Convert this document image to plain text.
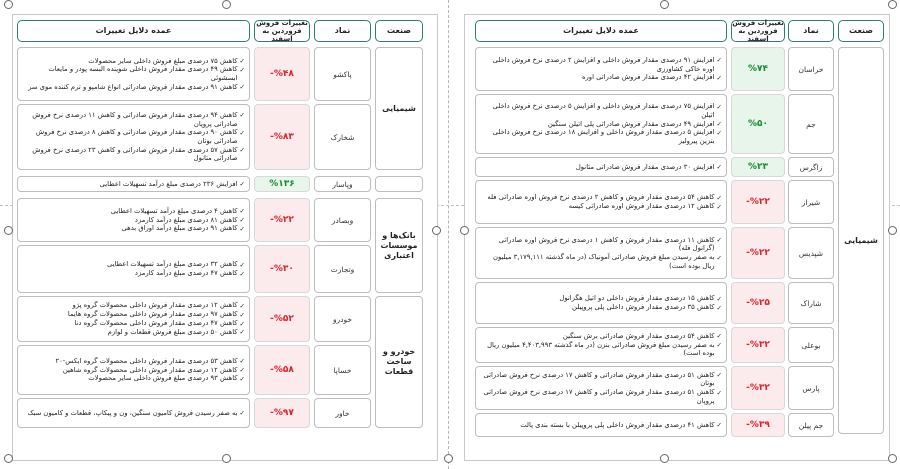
صنعت
نماد
تغییرات فروش فروردین به اسفند
عمده دلایل تغییرات
شیمیایی
خراسان
%۷۴
✓
افزایش ۹۱ درصدی مقدار فروش داخلی و افزایش ۲ درصدی نرخ فروش داخلی اوره خاکی کشاورزی
✓
افزایش ۴۲ درصدی مقدار فروش صادراتی اوره
جم
%۵۰
✓
افزایش ۷۵ درصدی مقدار فروش داخلی و افزایش ۵ درصدی نرخ فروش داخلی اتیلن
✓
افزایش ۴۹ درصدی مقدار فروش صادراتی پلی اتیلن سنگین
✓
افزایش ۵ درصدی مقدار فروش داخلی و افزایش ۱۸ درصدی نرخ فروش داخلی بنزین پیرولیز
زاگرس
%۲۳
✓
افزایش ۳۰ درصدی مقدار فروش صادراتی متانول
شیراز
-%۲۲
✓
کاهش ۵۴ درصدی مقدار فروش و کاهش ۲ درصدی نرخ فروش اوره صادراتی فله
✓
کاهش ۱۲ درصدی مقدار فروش اوره صادراتی کیسه
شپدیس
-%۲۲
✓
کاهش ۱۱ درصدی مقدار فروش و کاهش ۱ درصدی نرخ فروش اوره صادراتی (گرانول فله)
✓
به صفر رسیدن مبلغ فروش صادراتی آمونیاک (در ماه گذشته ۳,۱۷۹,۱۱۱ میلیون ریال بوده است)
شاراک
-%۲۵
✓
کاهش ۱۵ درصدی مقدار فروش داخلی دو اتیل هگزانول
✓
کاهش ۳۵ درصدی مقدار فروش داخلی پلی پروپیلن
بوعلی
-%۳۲
✓
کاهش ۵۴ درصدی مقدار فروش صادراتی برش سنگین
✓
به صفر رسیدن مبلغ فروش صادراتی بنزن (در ماه گذشته ۴,۴۰۳,۹۹۳ میلیون ریال بوده است)
پارس
-%۳۲
✓
کاهش ۵۱ درصدی مقدار فروش صادراتی و کاهش ۱۷ درصدی نرخ فروش صادراتی بوتان
✓
کاهش ۵۱ درصدی مقدار فروش صادراتی و کاهش ۱۷ درصدی نرخ فروش صادراتی پروپان
جم پیلن
-%۳۹
✓
کاهش ۴۱ درصدی مقدار فروش داخلی پلی پروپیلن با بسته بندی پالت
صنعت
نماد
تغییرات فروش فروردین به اسفند
عمده دلایل تغییرات
شیمیایی
پاکشو
-%۴۸
✓
کاهش ۷۵ درصدی مبلغ فروش داخلی سایر محصولات
✓
کاهش ۴۹ درصدی مقدار فروش داخلی شوینده البسه پودر و مایعات ابسشوئی
✓
کاهش ۹۱ درصدی مقدار فروش صادراتی انواع شامپو و ترم کننده موی سر
شخارک
-%۸۳
✓
کاهش ۹۴ درصدی مقدار فروش صادراتی و کاهش ۱۱ درصدی نرخ فروش صادراتی پروپان
✓
کاهش ۹۰ درصدی مقدار فروش صادراتی و کاهش ۸ درصدی نرخ فروش صادراتی بوتان
✓
کاهش ۵۷ درصدی مقدار فروش صادراتی و کاهش ۲۳ درصدی نرخ فروش صادراتی متانول
وپاسار
%۱۳۶
✓
افزایش ۲۳۶ درصدی مبلغ درآمد تسهیلات اعطایی
بانک‌ها و موسسات اعتباری
وبصادر
-%۲۲
✓
کاهش ۴ درصدی مبلغ درآمد تسهیلات اعطایی
✓
کاهش ۸۱ درصدی مبلغ درآمد کارمزد
✓
کاهش ۹۱ درصدی مبلغ درآمد اوراق بدهی
وتجارت
-%۳۰
✓
کاهش ۳۲ درصدی مبلغ درآمد تسهیلات اعطایی
✓
کاهش ۴۷ درصدی مبلغ درآمد کارمزد
خودرو و ساخت قطعات
خودرو
-%۵۲
✓
کاهش ۱۲ درصدی مقدار فروش داخلی محصولات گروه پژو
✓
کاهش ۹۷ درصدی مقدار فروش داخلی محصولات گروه هایما
✓
کاهش ۴۷ درصدی مقدار فروش داخلی محصولات گروه دنا
✓
کاهش ۵۰ درصدی مبلغ فروش قطعات و لوازم
خساپا
-%۵۸
✓
کاهش ۵۳ درصدی مقدار فروش داخلی محصولات گروه ایکس-۲۰
✓
کاهش ۱۲ درصدی مقدار فروش داخلی محصولات گروه شاهین
✓
کاهش ۹۳ درصدی مبلغ فروش داخلی سایر محصولات
خاور
-%۹۷
✓
به صفر رسیدن فروش کامیون سنگین، ون و پیکاپ، قطعات و کامیون سبک
